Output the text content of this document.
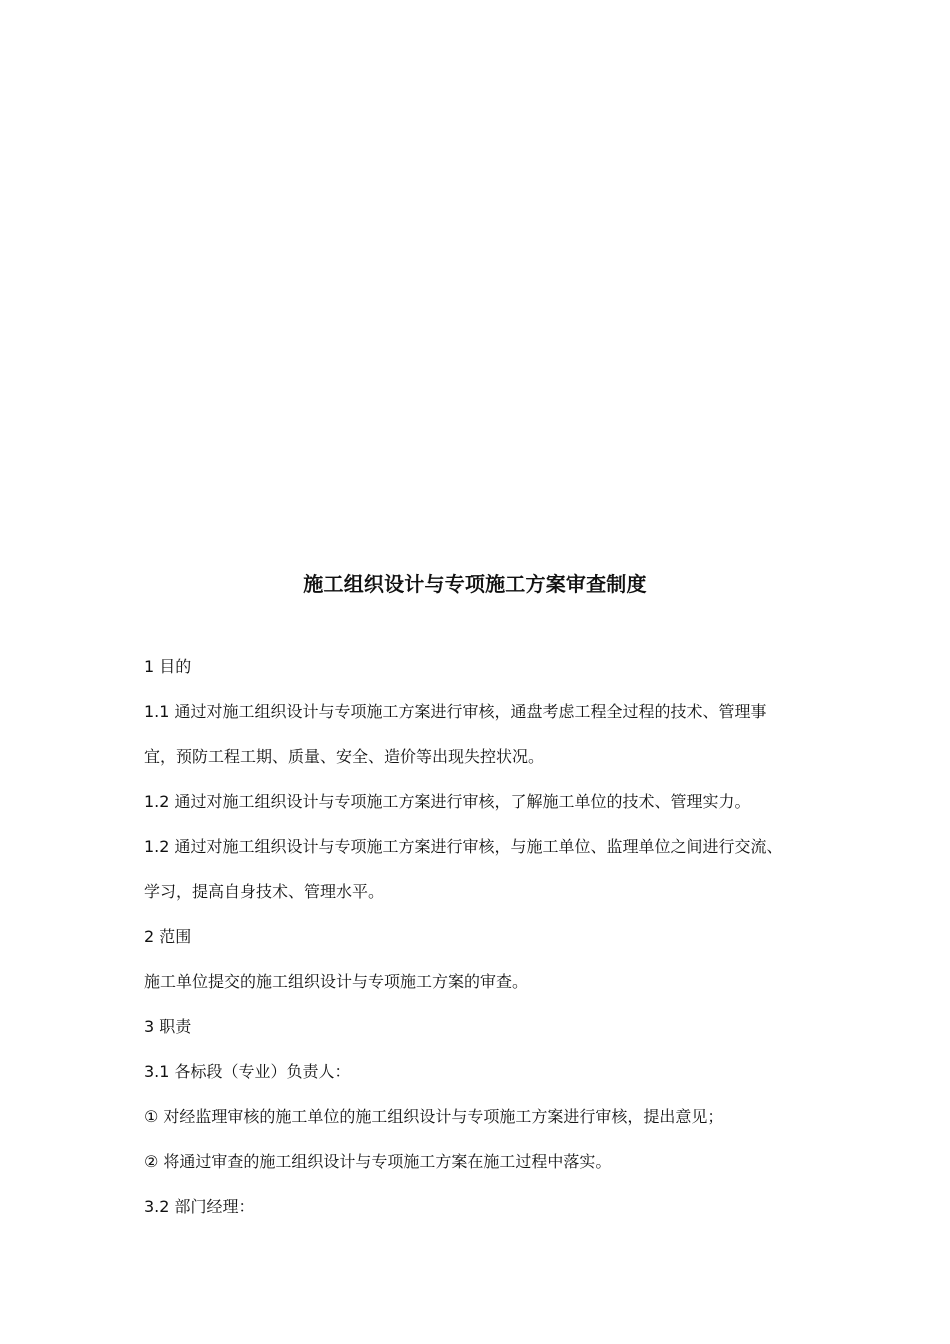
施工组织设计与专项施工方案审查制度
1 目的
1.1 通过对施工组织设计与专项施工方案进行审核，通盘考虑工程全过程的技术、管理事
宜，预防工程工期、质量、安全、造价等出现失控状况。
1.2 通过对施工组织设计与专项施工方案进行审核，了解施工单位的技术、管理实力。
1.2 通过对施工组织设计与专项施工方案进行审核，与施工单位、监理单位之间进行交流、
学习，提高自身技术、管理水平。
2 范围
施工单位提交的施工组织设计与专项施工方案的审查。
3 职责
3.1 各标段（专业）负责人：
① 对经监理审核的施工单位的施工组织设计与专项施工方案进行审核，提出意见；
② 将通过审查的施工组织设计与专项施工方案在施工过程中落实。
3.2 部门经理：
